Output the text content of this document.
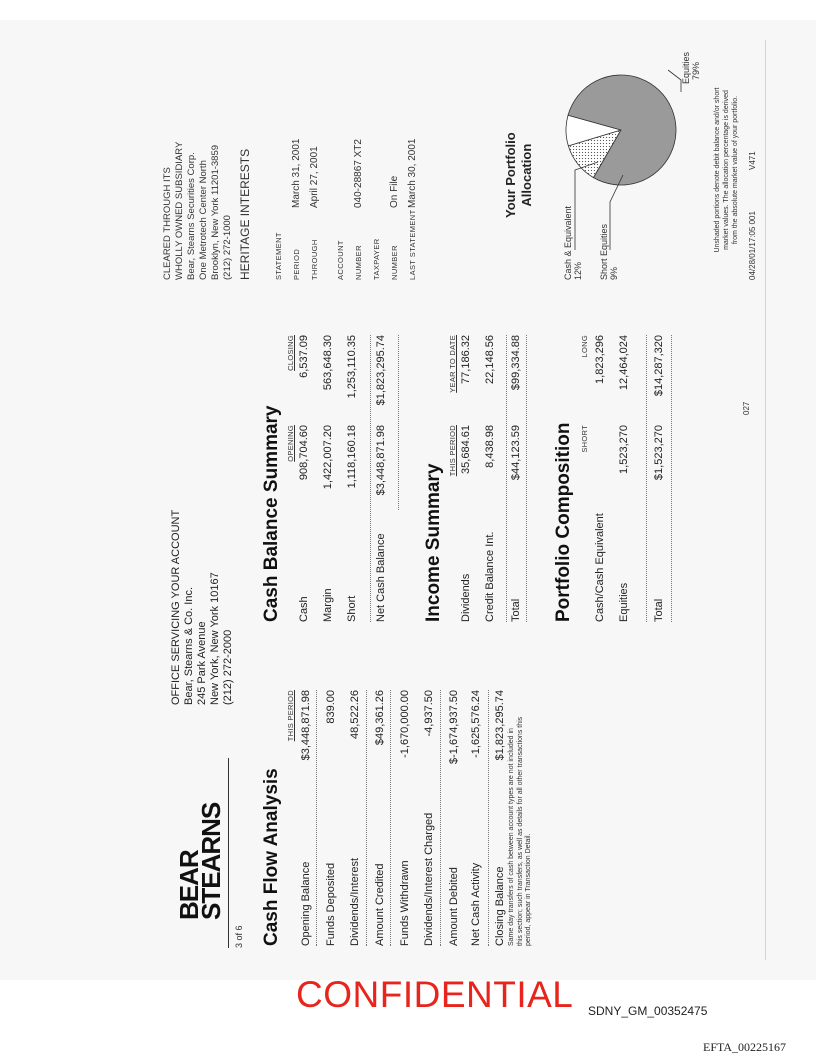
BEAR
STEARNS
3 of 6
OFFICE SERVICING YOUR ACCOUNT Bear, Stearns & Co. Inc. 245 Park Avenue New York, New York 10167 (212) 272-2000
Cash Flow Analysis
THIS PERIOD
Opening Balance
$3,448,871.98
Funds Deposited
839.00
Dividends/Interest
48,522.26
Amount Credited
$49,361.26
Funds Withdrawn
-1,670,000.00
Dividends/Interest Charged
-4,937.50
Amount Debited
$-1,674,937.50
Net Cash Activity
-1,625,576.24
Closing Balance
$1,823,295.74
Same day transfers of cash between account types are not included in this section; such transfers, as well as details for all other transactions this period, appear in Transaction Detail.
Cash Balance Summary OPENING
CLOSING
Cash
908,704.60
6,537.09
Margin
1,422,007.20
563,648.30
Short
1,118,160.18
1,253,110.35
Net Cash Balance
$3,448,871.98
$1,823,295.74
Income Summary
THIS PERIOD
YEAR TO DATE
Dividends
35,684.61
77,186.32
Credit Balance Int.
8,438.98
22,148.56
Total
$44,123.59
$99,334.88
Portfolio Composition SHORT
LONG
Cash/Cash Equivalent
1,823,296
Equities
1,523,270
12,464,024
Total
$1,523,270
$14,287,320
027
CLEARED THROUGH ITS WHOLLY OWNED SUBSIDIARY Bear, Stearns Securities Corp. One Metrotech Center North Brooklyn, New York 11201-3859 (212) 272-1000 HERITAGE INTERESTS	STATEMENT PERIODMarch 31, 2001
THROUGHApril 27, 2001
ACCOUNT NUMBER040-28867 XT2
TAXPAYER NUMBEROn File
LAST STATEMENTMarch 30, 2001	Your Portfolio Allocation
Cash & Equivalent 12% Short Equities 9%
Equities 79%
Unshaded portions denote debit balance and/or short market values. The allocation percentage is derived from the absolute market value of your portfolio.
04/28/01/17:05 001
V471
CONFIDENTIAL SDNY_GM_00352475
EFTA_00225167
